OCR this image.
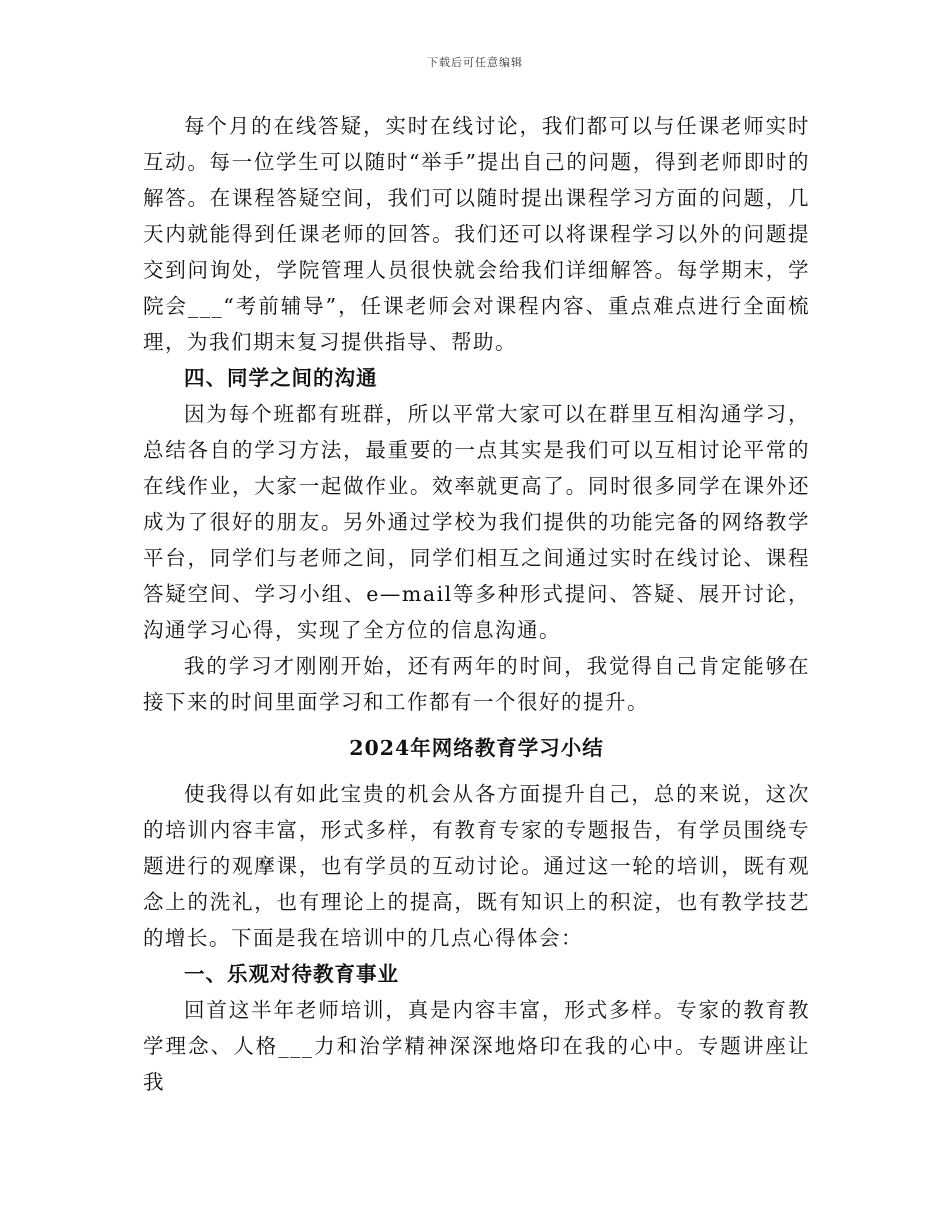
下载后可任意编辑

每个月的在线答疑，实时在线讨论，我们都可以与任课老师实时互动。每一位学生可以随时“举手”提出自己的问题，得到老师即时的解答。在课程答疑空间，我们可以随时提出课程学习方面的问题，几天内就能得到任课老师的回答。我们还可以将课程学习以外的问题提交到问询处，学院管理人员很快就会给我们详细解答。每学期末，学院会___“考前辅导”，任课老师会对课程内容、重点难点进行全面梳理，为我们期末复习提供指导、帮助。

四、同学之间的沟通

因为每个班都有班群，所以平常大家可以在群里互相沟通学习，总结各自的学习方法，最重要的一点其实是我们可以互相讨论平常的在线作业，大家一起做作业。效率就更高了。同时很多同学在课外还成为了很好的朋友。另外通过学校为我们提供的功能完备的网络教学平台，同学们与老师之间，同学们相互之间通过实时在线讨论、课程答疑空间、学习小组、e—mail等多种形式提问、答疑、展开讨论，沟通学习心得，实现了全方位的信息沟通。

我的学习才刚刚开始，还有两年的时间，我觉得自己肯定能够在接下来的时间里面学习和工作都有一个很好的提升。

2024年网络教育学习小结

使我得以有如此宝贵的机会从各方面提升自己，总的来说，这次的培训内容丰富，形式多样，有教育专家的专题报告，有学员围绕专题进行的观摩课，也有学员的互动讨论。通过这一轮的培训，既有观念上的洗礼，也有理论上的提高，既有知识上的积淀，也有教学技艺的增长。下面是我在培训中的几点心得体会：

一、乐观对待教育事业

回首这半年老师培训，真是内容丰富，形式多样。专家的教育教学理念、人格___力和治学精神深深地烙印在我的心中。专题讲座让我
